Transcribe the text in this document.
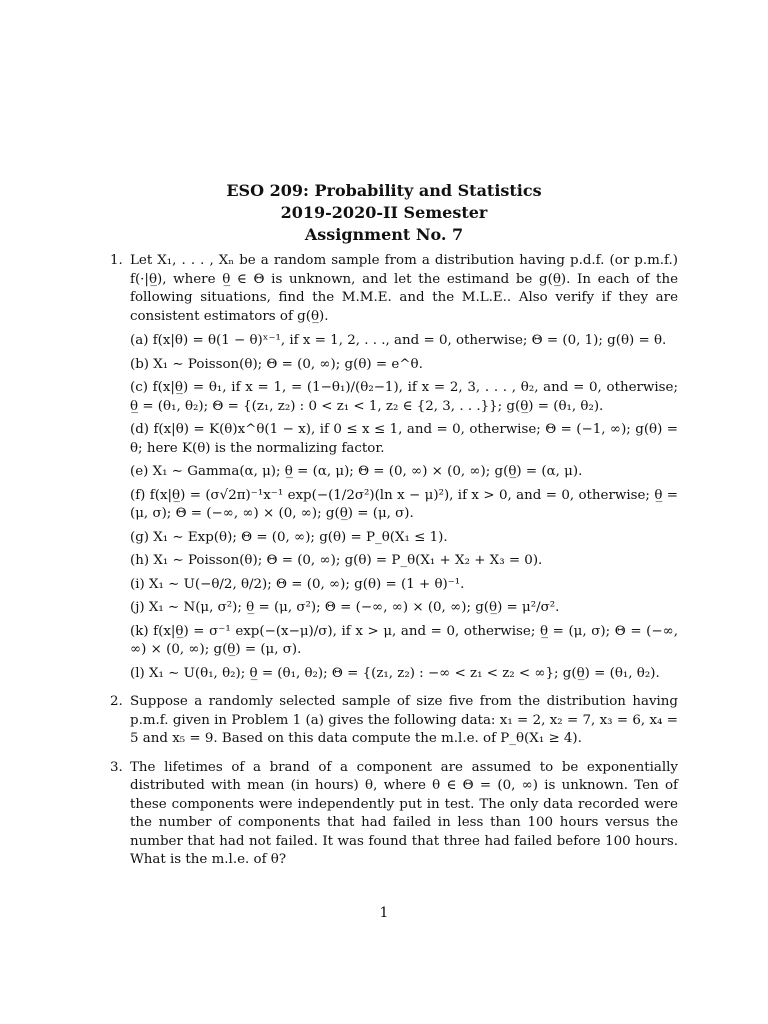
ESO 209: Probability and Statistics
2019-2020-II Semester
Assignment No. 7
1. Let X₁, . . . , Xₙ be a random sample from a distribution having p.d.f. (or p.m.f.) f(·|θ̲), where θ̲ ∈ Θ is unknown, and let the estimand be g(θ̲). In each of the following situations, find the M.M.E. and the M.L.E.. Also verify if they are consistent estimators of g(θ̲).

(a) f(x|θ) = θ(1 − θ)ˣ⁻¹, if x = 1, 2, . . ., and = 0, otherwise; Θ = (0, 1); g(θ) = θ.

(b) X₁ ∼ Poisson(θ); Θ = (0, ∞); g(θ) = e^θ.

(c) f(x|θ̲) = θ₁, if x = 1, = (1−θ₁)/(θ₂−1), if x = 2, 3, . . . , θ₂, and = 0, otherwise; θ̲ = (θ₁, θ₂); Θ = {(z₁, z₂) : 0 < z₁ < 1, z₂ ∈ {2, 3, . . .}}; g(θ̲) = (θ₁, θ₂).

(d) f(x|θ) = K(θ)x^θ(1 − x), if 0 ≤ x ≤ 1, and = 0, otherwise; Θ = (−1, ∞); g(θ) = θ; here K(θ) is the normalizing factor.

(e) X₁ ∼ Gamma(α, μ); θ̲ = (α, μ); Θ = (0, ∞) × (0, ∞); g(θ̲) = (α, μ).

(f) f(x|θ̲) = (σ√2π)⁻¹x⁻¹ exp(−(1/2σ²)(ln x − μ)²), if x > 0, and = 0, otherwise; θ̲ = (μ, σ); Θ = (−∞, ∞) × (0, ∞); g(θ̲) = (μ, σ).

(g) X₁ ∼ Exp(θ); Θ = (0, ∞); g(θ) = P_θ(X₁ ≤ 1).

(h) X₁ ∼ Poisson(θ); Θ = (0, ∞); g(θ) = P_θ(X₁ + X₂ + X₃ = 0).

(i) X₁ ∼ U(−θ/2, θ/2); Θ = (0, ∞); g(θ) = (1 + θ)⁻¹.

(j) X₁ ∼ N(μ, σ²); θ̲ = (μ, σ²); Θ = (−∞, ∞) × (0, ∞); g(θ̲) = μ²/σ².

(k) f(x|θ̲) = σ⁻¹ exp(−(x−μ)/σ), if x > μ, and = 0, otherwise; θ̲ = (μ, σ); Θ = (−∞, ∞) × (0, ∞); g(θ̲) = (μ, σ).

(l) X₁ ∼ U(θ₁, θ₂); θ̲ = (θ₁, θ₂); Θ = {(z₁, z₂) : −∞ < z₁ < z₂ < ∞}; g(θ̲) = (θ₁, θ₂).

2. Suppose a randomly selected sample of size five from the distribution having p.m.f. given in Problem 1 (a) gives the following data: x₁ = 2, x₂ = 7, x₃ = 6, x₄ = 5 and x₅ = 9. Based on this data compute the m.l.e. of P_θ(X₁ ≥ 4).

3. The lifetimes of a brand of a component are assumed to be exponentially distributed with mean (in hours) θ, where θ ∈ Θ = (0, ∞) is unknown. Ten of these components were independently put in test. The only data recorded were the number of components that had failed in less than 100 hours versus the number that had not failed. It was found that three had failed before 100 hours. What is the m.l.e. of θ?

1
